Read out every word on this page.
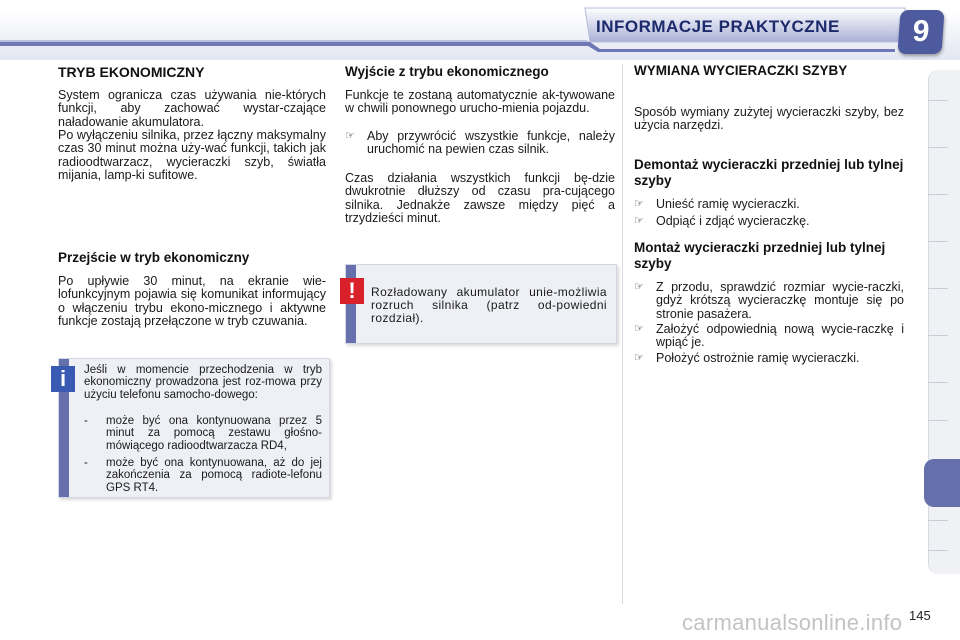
INFORMACJE PRAKTYCZNE	9
TRYB EKONOMICZNY
System ogranicza czas używania nie-których funkcji, aby zachować wystar-czające naładowanie akumulatora.
Po wyłączeniu silnika, przez łączny maksymalny czas 30 minut można uży-wać funkcji, takich jak radioodtwarzacz, wycieraczki szyb, światła mijania, lamp-ki sufitowe.
Przejście w tryb ekonomiczny
Po upływie 30 minut, na ekranie wie-lofunkcyjnym pojawia się komunikat informujący o włączeniu trybu ekono-micznego i aktywne funkcje zostają przełączone w tryb czuwania.
i	Jeśli w momencie przechodzenia w tryb ekonomiczny prowadzona jest roz-mowa przy użyciu telefonu samocho-dowego:
- może być ona kontynuowana przez 5 minut za pomocą zestawu głośno-mówiącego radioodtwarzacza RD4,
- może być ona kontynuowana, aż do jej zakończenia za pomocą radiote-lefonu GPS RT4.
Wyjście z trybu ekonomicznego
Funkcje te zostaną automatycznie ak-tywowane w chwili ponownego urucho-mienia pojazdu.
☞ Aby przywrócić wszystkie funkcje, należy uruchomić na pewien czas silnik.
Czas działania wszystkich funkcji bę-dzie dwukrotnie dłuższy od czasu pra-cującego silnika. Jednakże zawsze między pięć a trzydzieści minut.
!	Rozładowany akumulator unie-możliwia rozruch silnika (patrz od-powiedni rozdział).
WYMIANA WYCIERACZKI SZYBY
Sposób wymiany zużytej wycieraczki szyby, bez użycia narzędzi.
Demontaż wycieraczki przedniej lub tylnej szyby
☞ Unieść ramię wycieraczki.
☞ Odpiąć i zdjąć wycieraczkę.
Montaż wycieraczki przedniej lub tylnej szyby
☞ Z przodu, sprawdzić rozmiar wycie-raczki, gdyż krótszą wycieraczkę montuje się po stronie pasażera.
☞ Założyć odpowiednią nową wycie-raczkę i wpiąć je.
☞ Położyć ostrożnie ramię wycieraczki.
carmanualsonline.info 145
